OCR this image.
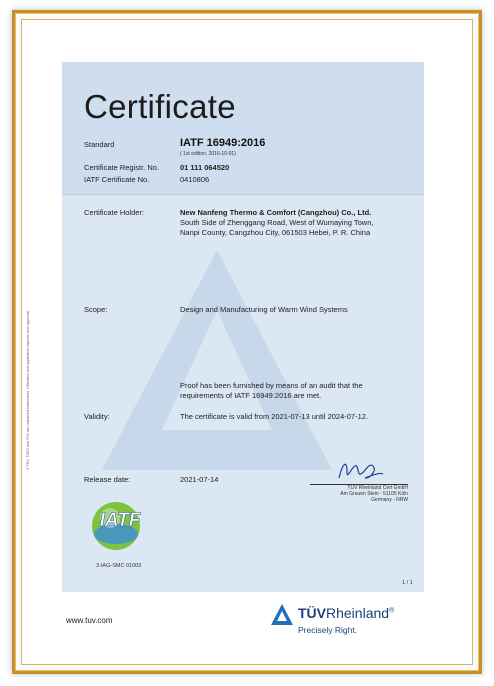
Certificate
Standard	IATF 16949:2016
( 1st edition, 2016-10-01)
Certificate Registr. No.	01 111 064520
IATF Certificate No.	0410806
Certificate Holder:	New Nanfeng Thermo & Comfort (Cangzhou) Co., Ltd.
South Side of Zhenggang Road, West of Wumaying Town,
Nanpi County, Cangzhou City, 061503 Hebei, P. R. China
Scope:	Design and Manufacturing of Warm Wind Systems
Proof has been furnished by means of an audit that the
requirements of IATF 16949:2016 are met.
Validity:	The certificate is valid from 2021-07-13 until 2024-07-12.
Release date:	2021-07-14
TÜV Rheinland Cert GmbH
Am Grauen Stein · 51105 Köln
Germany - NRW
IATF
3-IAG-SMC 01003
1 / 1
® TÜV, TUEV and TUV are registered trademarks. Utilisation and application requires prior approval.
www.tuv.com	TÜVRheinland®
Precisely Right.
